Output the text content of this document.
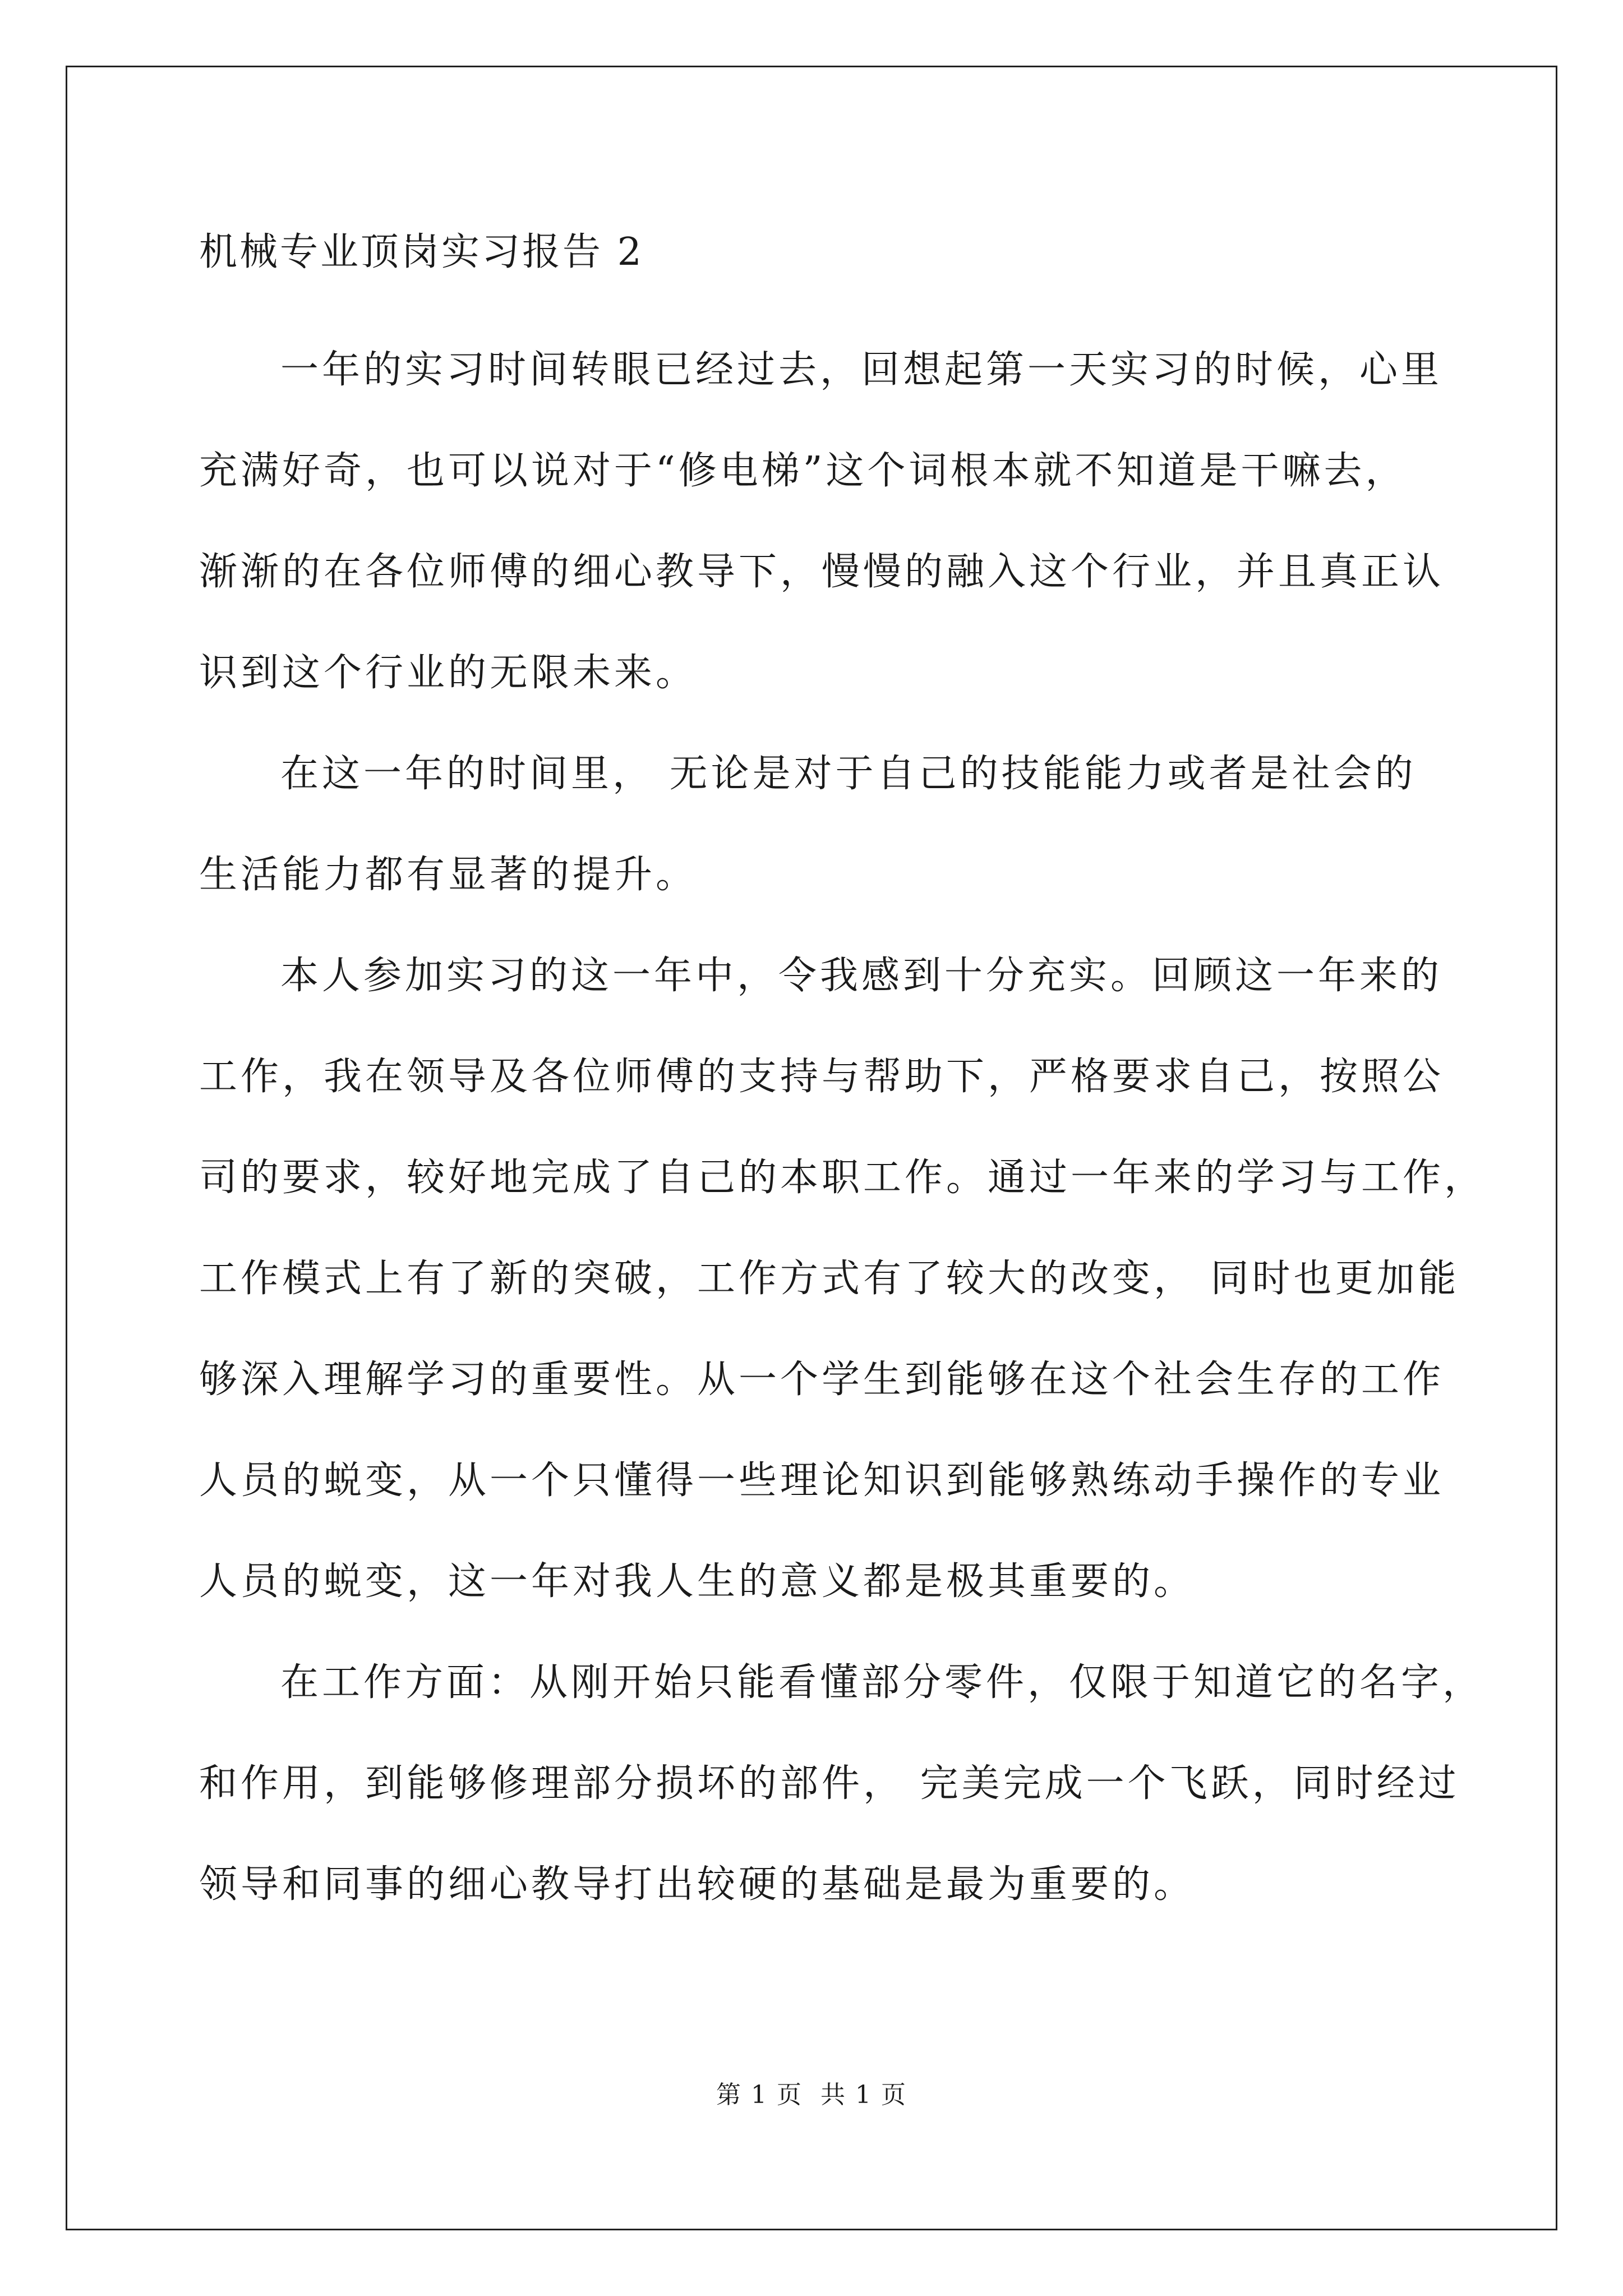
机械专业顶岗实习报告 2
一年的实习时间转眼已经过去，回想起第一天实习的时候，心里
充满好奇，也可以说对于“修电梯”这个词根本就不知道是干嘛去，
渐渐的在各位师傅的细心教导下，慢慢的融入这个行业，并且真正认
识到这个行业的无限未来。
在这一年的时间里， 无论是对于自己的技能能力或者是社会的
生活能力都有显著的提升。
本人参加实习的这一年中，令我感到十分充实。回顾这一年来的
工作，我在领导及各位师傅的支持与帮助下，严格要求自己，按照公
司的要求，较好地完成了自己的本职工作。通过一年来的学习与工作，
工作模式上有了新的突破，工作方式有了较大的改变， 同时也更加能
够深入理解学习的重要性。从一个学生到能够在这个社会生存的工作
人员的蜕变，从一个只懂得一些理论知识到能够熟练动手操作的专业
人员的蜕变，这一年对我人生的意义都是极其重要的。
在工作方面：从刚开始只能看懂部分零件，仅限于知道它的名字，
和作用，到能够修理部分损坏的部件， 完美完成一个飞跃，同时经过
领导和同事的细心教导打出较硬的基础是最为重要的。
第 1 页 共 1 页
